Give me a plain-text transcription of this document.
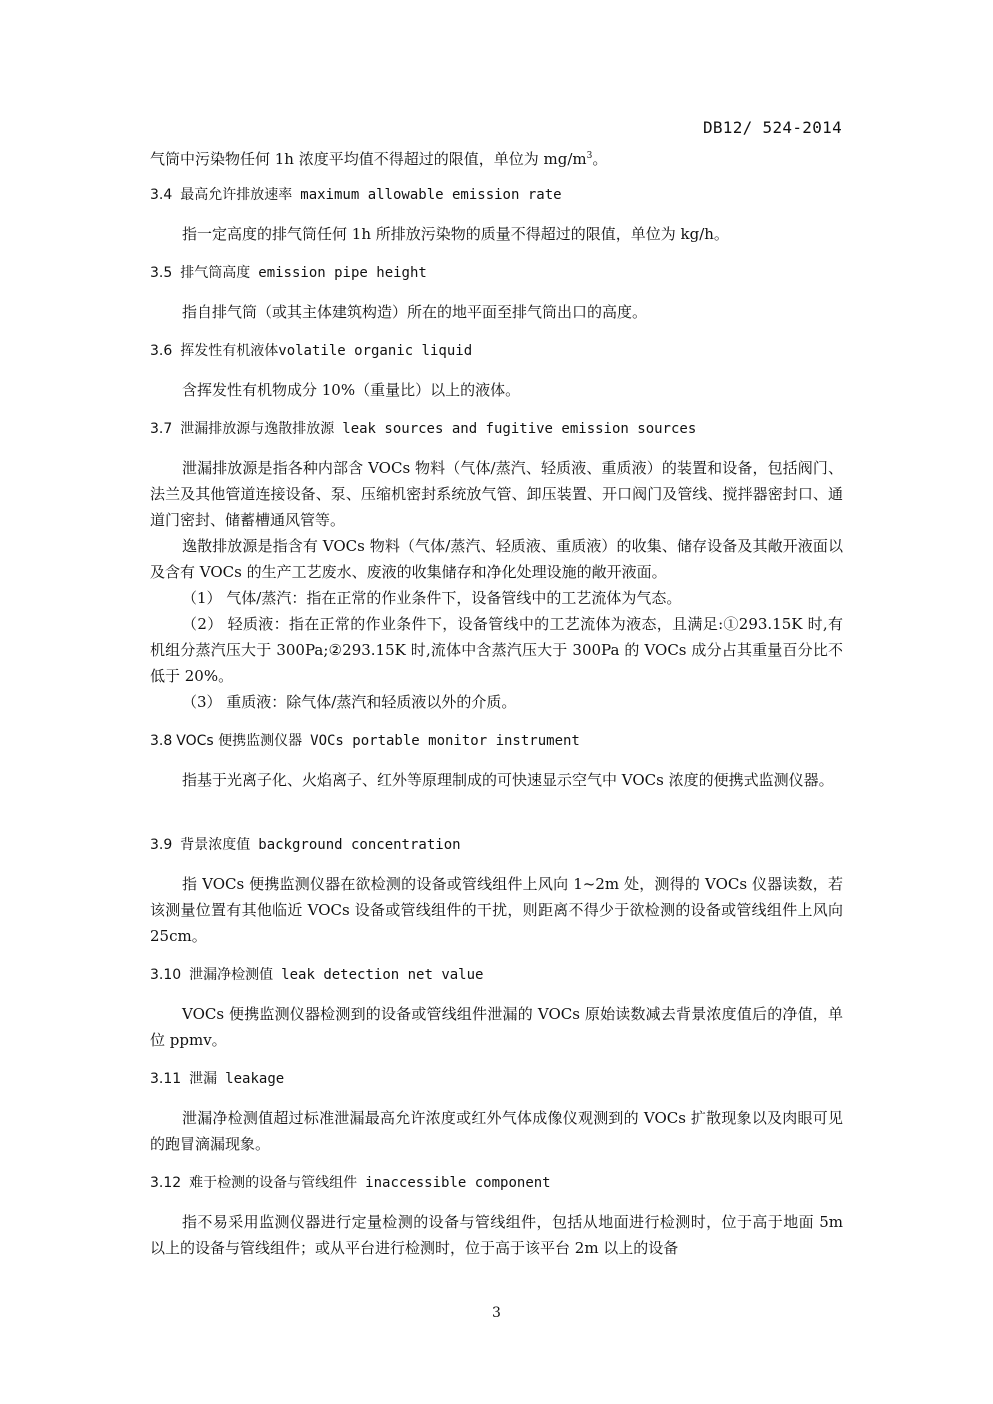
DB12/ 524-2014
气筒中污染物任何 1h 浓度平均值不得超过的限值，单位为 $mg/m^3$。
3.4 最高允许排放速率 maximum allowable emission rate
指一定高度的排气筒任何 1h 所排放污染物的质量不得超过的限值，单位为 kg/h。
3.5 排气筒高度 emission pipe height
指自排气筒（或其主体建筑构造）所在的地平面至排气筒出口的高度。
3.6 挥发性有机液体volatile organic liquid
含挥发性有机物成分 10%（重量比）以上的液体。
3.7 泄漏排放源与逸散排放源 leak sources and fugitive emission sources
泄漏排放源是指各种内部含 VOCs 物料（气体/蒸汽、轻质液、重质液）的装置和设备，包括阀门、法兰及其他管道连接设备、泵、压缩机密封系统放气管、卸压装置、开口阀门及管线、搅拌器密封口、通道门密封、储蓄槽通风管等。
逸散排放源是指含有 VOCs 物料（气体/蒸汽、轻质液、重质液）的收集、储存设备及其敞开液面以及含有 VOCs 的生产工艺废水、废液的收集储存和净化处理设施的敞开液面。
（1） 气体/蒸汽：指在正常的作业条件下，设备管线中的工艺流体为气态。
（2） 轻质液：指在正常的作业条件下，设备管线中的工艺流体为液态，且满足:①293.15K 时,有机组分蒸汽压大于 300Pa;②293.15K 时,流体中含蒸汽压大于 300Pa 的 VOCs 成分占其重量百分比不低于 20%。
（3） 重质液：除气体/蒸汽和轻质液以外的介质。
3.8 VOCs 便携监测仪器 VOCs portable monitor instrument
指基于光离子化、火焰离子、红外等原理制成的可快速显示空气中 VOCs 浓度的便携式监测仪器。
3.9 背景浓度值 background concentration
指 VOCs 便携监测仪器在欲检测的设备或管线组件上风向 1~2m 处，测得的 VOCs 仪器读数，若该测量位置有其他临近 VOCs 设备或管线组件的干扰，则距离不得少于欲检测的设备或管线组件上风向 25cm。
3.10 泄漏净检测值 leak detection net value
VOCs 便携监测仪器检测到的设备或管线组件泄漏的 VOCs 原始读数减去背景浓度值后的净值，单位 ppmv。
3.11 泄漏 leakage
泄漏净检测值超过标准泄漏最高允许浓度或红外气体成像仪观测到的 VOCs 扩散现象以及肉眼可见的跑冒滴漏现象。
3.12 难于检测的设备与管线组件 inaccessible component
指不易采用监测仪器进行定量检测的设备与管线组件，包括从地面进行检测时，位于高于地面 5m 以上的设备与管线组件；或从平台进行检测时，位于高于该平台 2m 以上的设备
3
